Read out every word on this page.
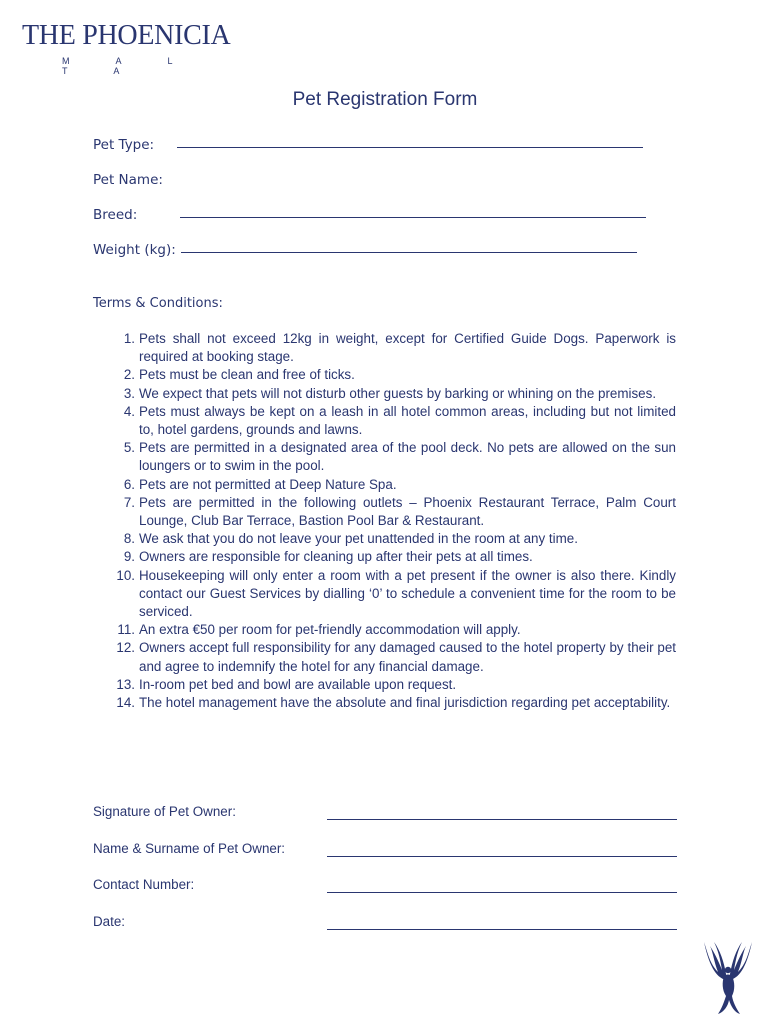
THE PHOENICIA
M A L T A
Pet Registration Form
Pet Type:
Pet Name:
Breed:
Weight (kg):
Terms & Conditions:
1. Pets shall not exceed 12kg in weight, except for Certified Guide Dogs. Paperwork is required at booking stage.
2. Pets must be clean and free of ticks.
3. We expect that pets will not disturb other guests by barking or whining on the premises.
4. Pets must always be kept on a leash in all hotel common areas, including but not limited to, hotel gardens, grounds and lawns.
5. Pets are permitted in a designated area of the pool deck. No pets are allowed on the sun loungers or to swim in the pool.
6. Pets are not permitted at Deep Nature Spa.
7. Pets are permitted in the following outlets – Phoenix Restaurant Terrace, Palm Court Lounge, Club Bar Terrace, Bastion Pool Bar & Restaurant.
8. We ask that you do not leave your pet unattended in the room at any time.
9. Owners are responsible for cleaning up after their pets at all times.
10. Housekeeping will only enter a room with a pet present if the owner is also there. Kindly contact our Guest Services by dialling ‘0’ to schedule a convenient time for the room to be serviced.
11. An extra €50 per room for pet-friendly accommodation will apply.
12. Owners accept full responsibility for any damaged caused to the hotel property by their pet and agree to indemnify the hotel for any financial damage.
13. In-room pet bed and bowl are available upon request.
14. The hotel management have the absolute and final jurisdiction regarding pet acceptability.
Signature of Pet Owner:
Name & Surname of Pet Owner:
Contact Number:
Date:
